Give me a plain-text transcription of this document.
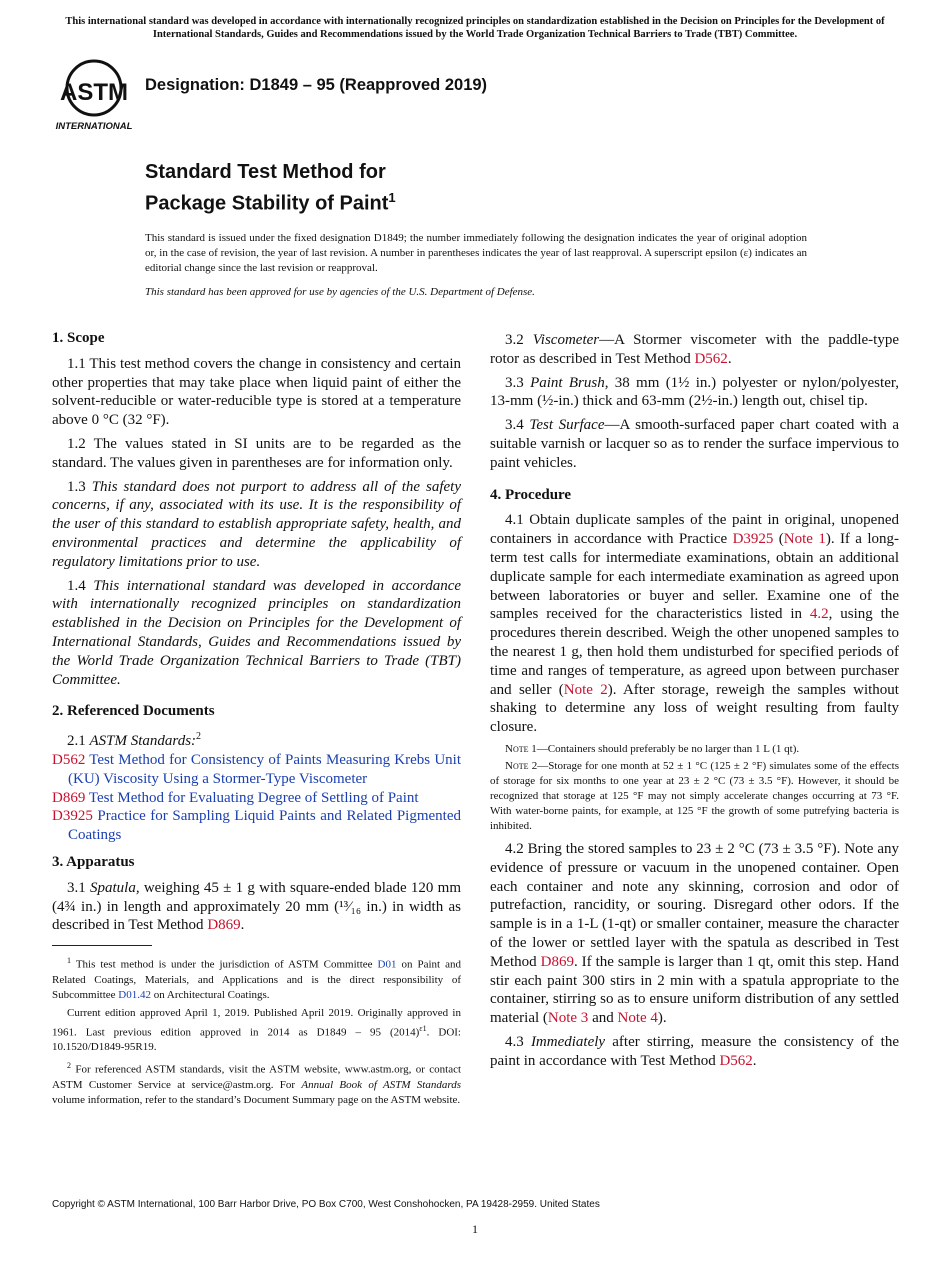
This international standard was developed in accordance with internationally recognized principles on standardization established in the Decision on Principles for the Development of International Standards, Guides and Recommendations issued by the World Trade Organization Technical Barriers to Trade (TBT) Committee.
ASTM
INTERNATIONAL
Designation: D1849 – 95 (Reapproved 2019)
Standard Test Method for
Package Stability of Paint$^1$
This standard is issued under the fixed designation D1849; the number immediately following the designation indicates the year of original adoption or, in the case of revision, the year of last revision. A number in parentheses indicates the year of last reapproval. A superscript epsilon (ε) indicates an editorial change since the last revision or reapproval.
This standard has been approved for use by agencies of the U.S. Department of Defense.
1. Scope

1.1 This test method covers the change in consistency and certain other properties that may take place when liquid paint of either the solvent-reducible or water-reducible type is stored at a temperature above 0 °C (32 °F).

1.2 The values stated in SI units are to be regarded as the standard. The values given in parentheses are for information only.

1.3 This standard does not purport to address all of the safety concerns, if any, associated with its use. It is the responsibility of the user of this standard to establish appropriate safety, health, and environmental practices and determine the applicability of regulatory limitations prior to use.

1.4 This international standard was developed in accordance with internationally recognized principles on standardization established in the Decision on Principles for the Development of International Standards, Guides and Recommendations issued by the World Trade Organization Technical Barriers to Trade (TBT) Committee.

2. Referenced Documents

2.1 ASTM Standards:$^2$

D562 Test Method for Consistency of Paints Measuring Krebs Unit (KU) Viscosity Using a Stormer-Type Viscometer
D869 Test Method for Evaluating Degree of Settling of Paint
D3925 Practice for Sampling Liquid Paints and Related Pigmented Coatings
3. Apparatus

3.1 Spatula, weighing 45 ± 1 g with square-ended blade 120 mm (4¾ in.) in length and approximately 20 mm (¹³⁄₁₆ in.) in width as described in Test Method D869.

$^1$ This test method is under the jurisdiction of ASTM Committee D01 on Paint and Related Coatings, Materials, and Applications and is the direct responsibility of Subcommittee D01.42 on Architectural Coatings.
Current edition approved April 1, 2019. Published April 2019. Originally approved in 1961. Last previous edition approved in 2014 as D1849 – 95 $(2014)^{\varepsilon 1}$. DOI: 10.1520/D1849-95R19.
$^2$ For referenced ASTM standards, visit the ASTM website, www.astm.org, or contact ASTM Customer Service at service@astm.org. For Annual Book of ASTM Standards volume information, refer to the standard’s Document Summary page on the ASTM website.

3.2 Viscometer—A Stormer viscometer with the paddle-type rotor as described in Test Method D562.

3.3 Paint Brush, 38 mm (1½ in.) polyester or nylon/polyester, 13-mm (½-in.) thick and 63-mm (2½-in.) length out, chisel tip.

3.4 Test Surface—A smooth-surfaced paper chart coated with a suitable varnish or lacquer so as to render the surface impervious to paint vehicles.

4. Procedure

4.1 Obtain duplicate samples of the paint in original, unopened containers in accordance with Practice D3925 (Note 1). If a long-term test calls for intermediate examinations, obtain an additional duplicate sample for each intermediate examination as agreed upon between laboratories or buyer and seller. Examine one of the samples received for the characteristics listed in 4.2, using the procedures therein described. Weigh the other unopened samples to the nearest 1 g, then hold them undisturbed for specified periods of time and ranges of temperature, as agreed upon between purchaser and seller (Note 2). After storage, reweigh the samples without shaking to determine any loss of weight resulting from faulty closure.

Note 1—Containers should preferably be no larger than 1 L (1 qt).
Note 2—Storage for one month at 52 ± 1 °C (125 ± 2 °F) simulates some of the effects of storage for six months to one year at 23 ± 2 °C (73 ± 3.5 °F). However, it should be recognized that storage at 125 °F may not simply accelerate changes occurring at 73 °F. With water-borne paints, for example, at 125 °F the growth of some putrefying bacteria is inhibited.

4.2 Bring the stored samples to 23 ± 2 °C (73 ± 3.5 °F). Note any evidence of pressure or vacuum in the unopened container. Open each container and note any skinning, corrosion and odor of putrefaction, rancidity, or souring. Disregard other odors. If the sample is in a 1-L (1-qt) or smaller container, measure the character of the lower or settled layer with the spatula as described in Test Method D869. If the sample is larger than 1 qt, omit this step. Hand stir each paint 300 stirs in 2 min with a spatula appropriate to the container, stirring so as to ensure uniform distribution of any settled material (Note 3 and Note 4).

4.3 Immediately after stirring, measure the consistency of the paint in accordance with Test Method D562.

Copyright © ASTM International, 100 Barr Harbor Drive, PO Box C700, West Conshohocken, PA 19428-2959. United States
1
